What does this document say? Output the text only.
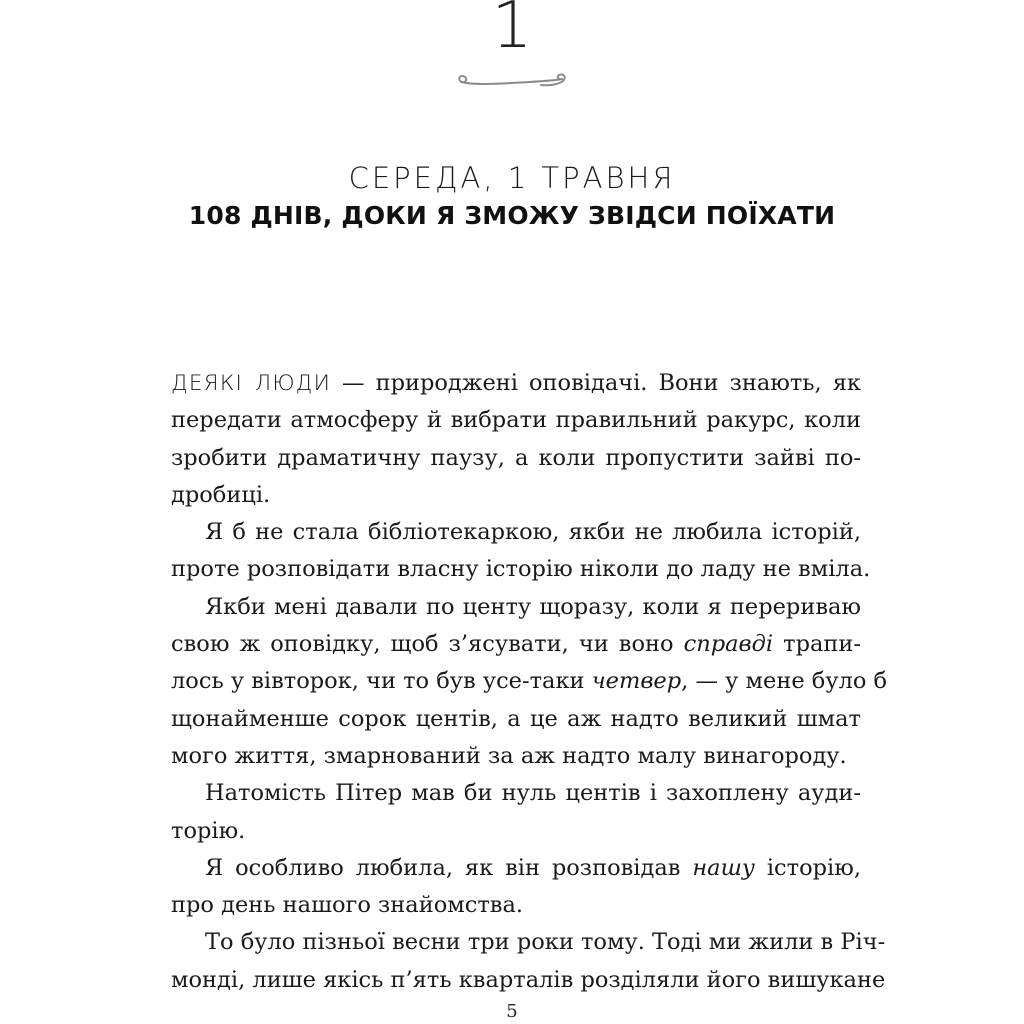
1
СЕРЕДА, 1 ТРАВНЯ
108 ДНІВ, ДОКИ Я ЗМОЖУ ЗВІДСИ ПОЇХАТИ

ДЕЯКІ ЛЮДИ — природжені оповідачі. Вони знають, як
передати атмосферу й вибрати правильний ракурс, коли
зробити драматичну паузу, а коли пропустити зайві по-
дробиці.

Я б не стала бібліотекаркою, якби не любила історій,
проте розповідати власну історію ніколи до ладу не вміла.

Якби мені давали по центу щоразу, коли я перериваю
свою ж оповідку, щоб з’ясувати, чи воно справді трапи-
лось у вівторок, чи то був усе-таки четвер, — у мене було б
щонайменше сорок центів, а це аж надто великий шмат
мого життя, змарнований за аж надто малу винагороду.

Натомість Пітер мав би нуль центів і захоплену ауди-
торію.

Я особливо любила, як він розповідав нашу історію,
про день нашого знайомства.

То було пізньої весни три роки тому. Тоді ми жили в Річ-
монді, лише якісь п’ять кварталів розділяли його вишукане

5
